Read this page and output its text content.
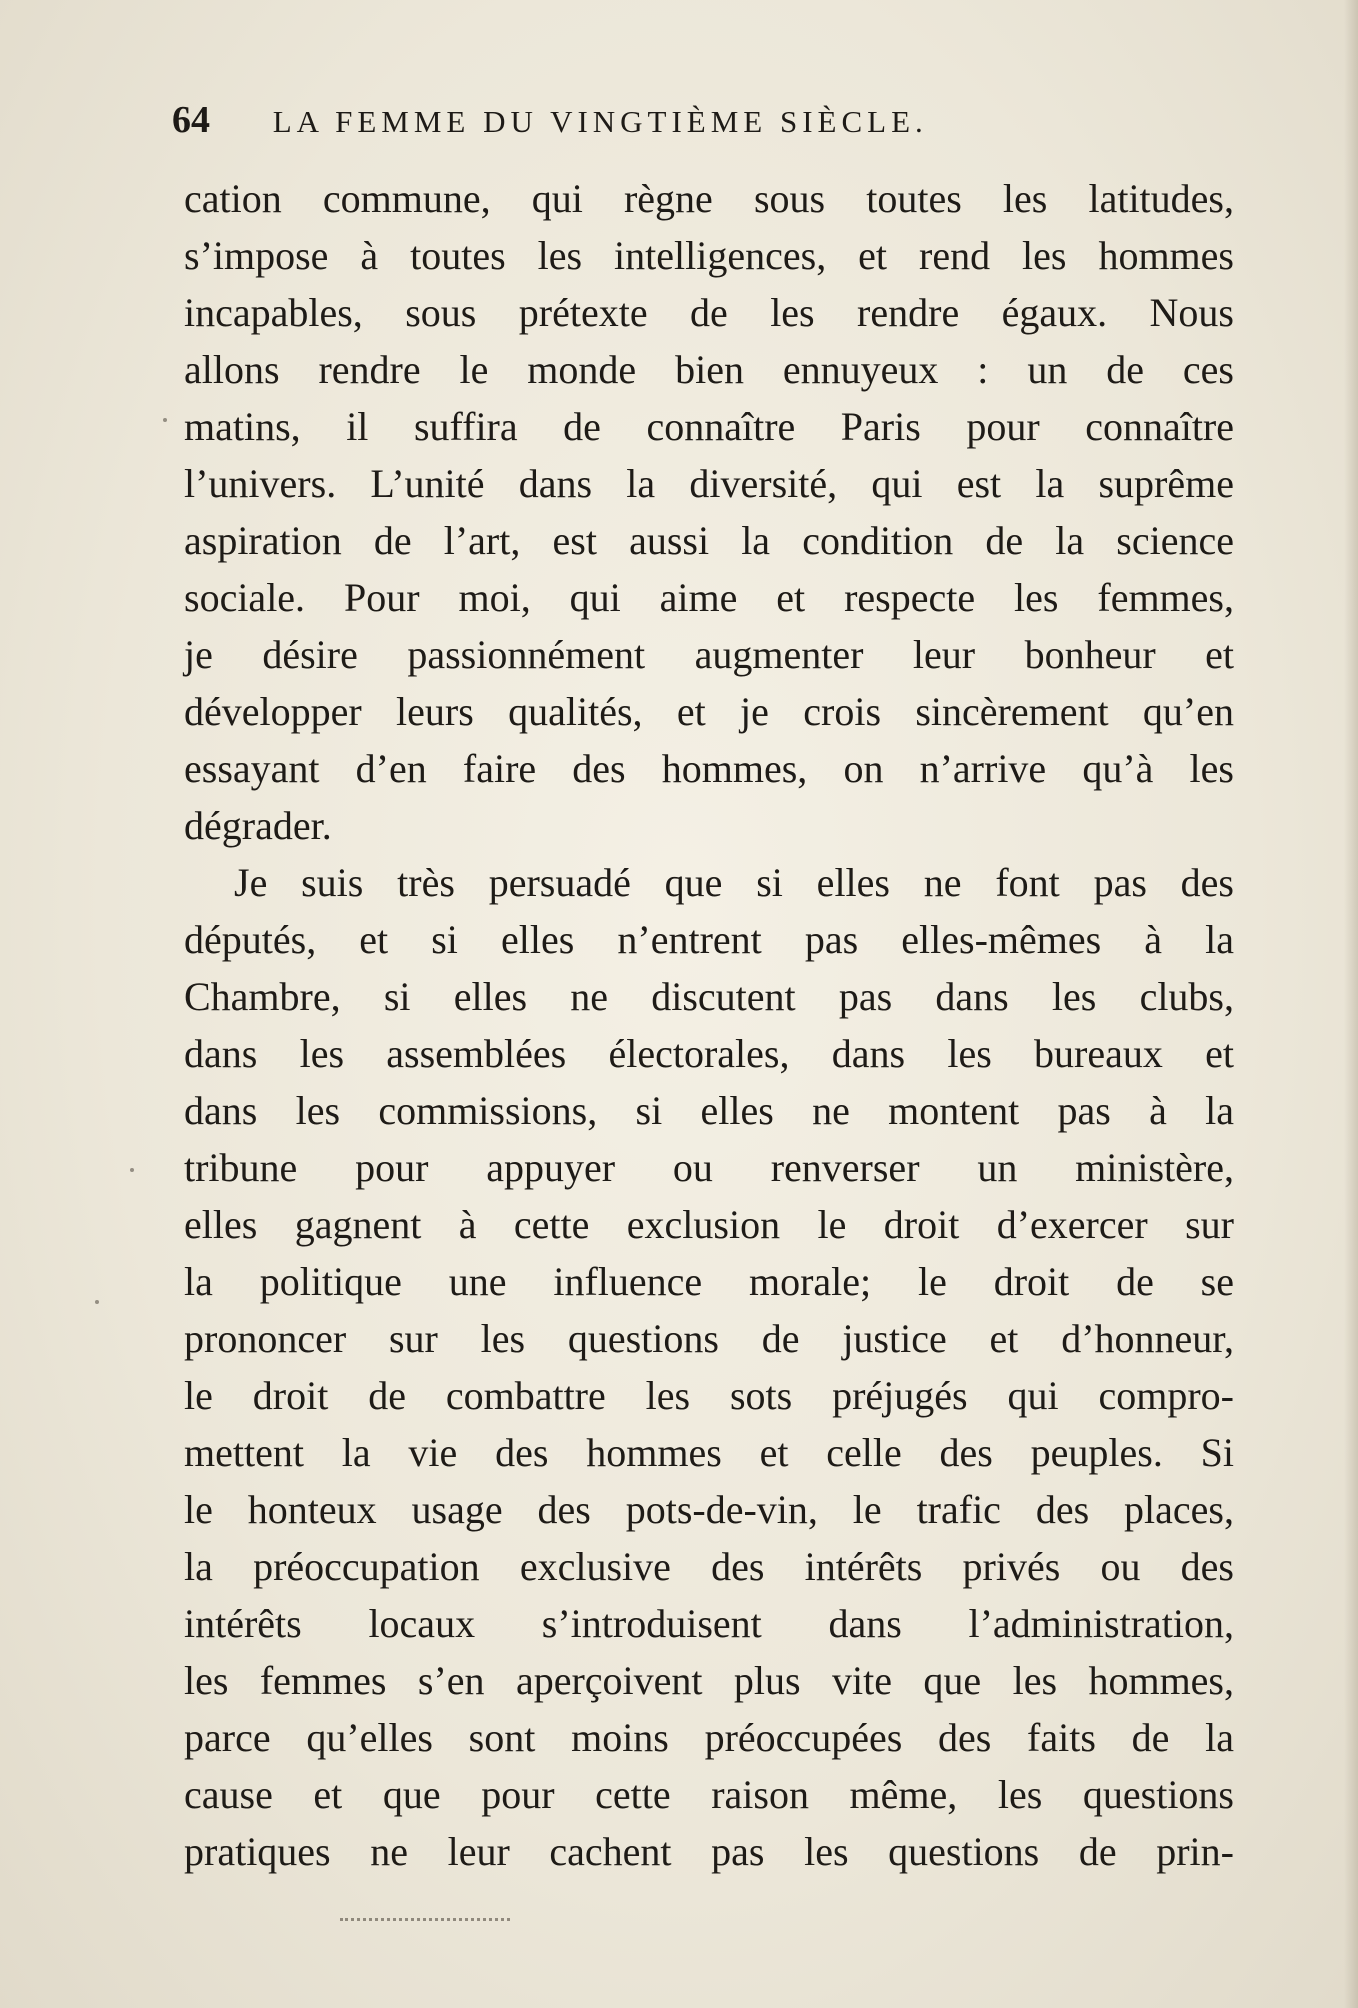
64 LA FEMME DU VINGTIÈME SIÈCLE.
cation commune, qui règne sous toutes les latitudes,
s’impose à toutes les intelligences, et rend les hommes
incapables, sous prétexte de les rendre égaux. Nous
allons rendre le monde bien ennuyeux : un de ces
matins, il suffira de connaître Paris pour connaître
l’univers. L’unité dans la diversité, qui est la suprême
aspiration de l’art, est aussi la condition de la science
sociale. Pour moi, qui aime et respecte les femmes,
je désire passionnément augmenter leur bonheur et
développer leurs qualités, et je crois sincèrement qu’en
essayant d’en faire des hommes, on n’arrive qu’à les
dégrader.
Je suis très persuadé que si elles ne font pas des
députés, et si elles n’entrent pas elles-mêmes à la
Chambre, si elles ne discutent pas dans les clubs,
dans les assemblées électorales, dans les bureaux et
dans les commissions, si elles ne montent pas à la
tribune pour appuyer ou renverser un ministère,
elles gagnent à cette exclusion le droit d’exercer sur
la politique une influence morale; le droit de se
prononcer sur les questions de justice et d’honneur,
le droit de combattre les sots préjugés qui compro-
mettent la vie des hommes et celle des peuples. Si
le honteux usage des pots-de-vin, le trafic des places,
la préoccupation exclusive des intérêts privés ou des
intérêts locaux s’introduisent dans l’administration,
les femmes s’en aperçoivent plus vite que les hommes,
parce qu’elles sont moins préoccupées des faits de la
cause et que pour cette raison même, les questions
pratiques ne leur cachent pas les questions de prin-
